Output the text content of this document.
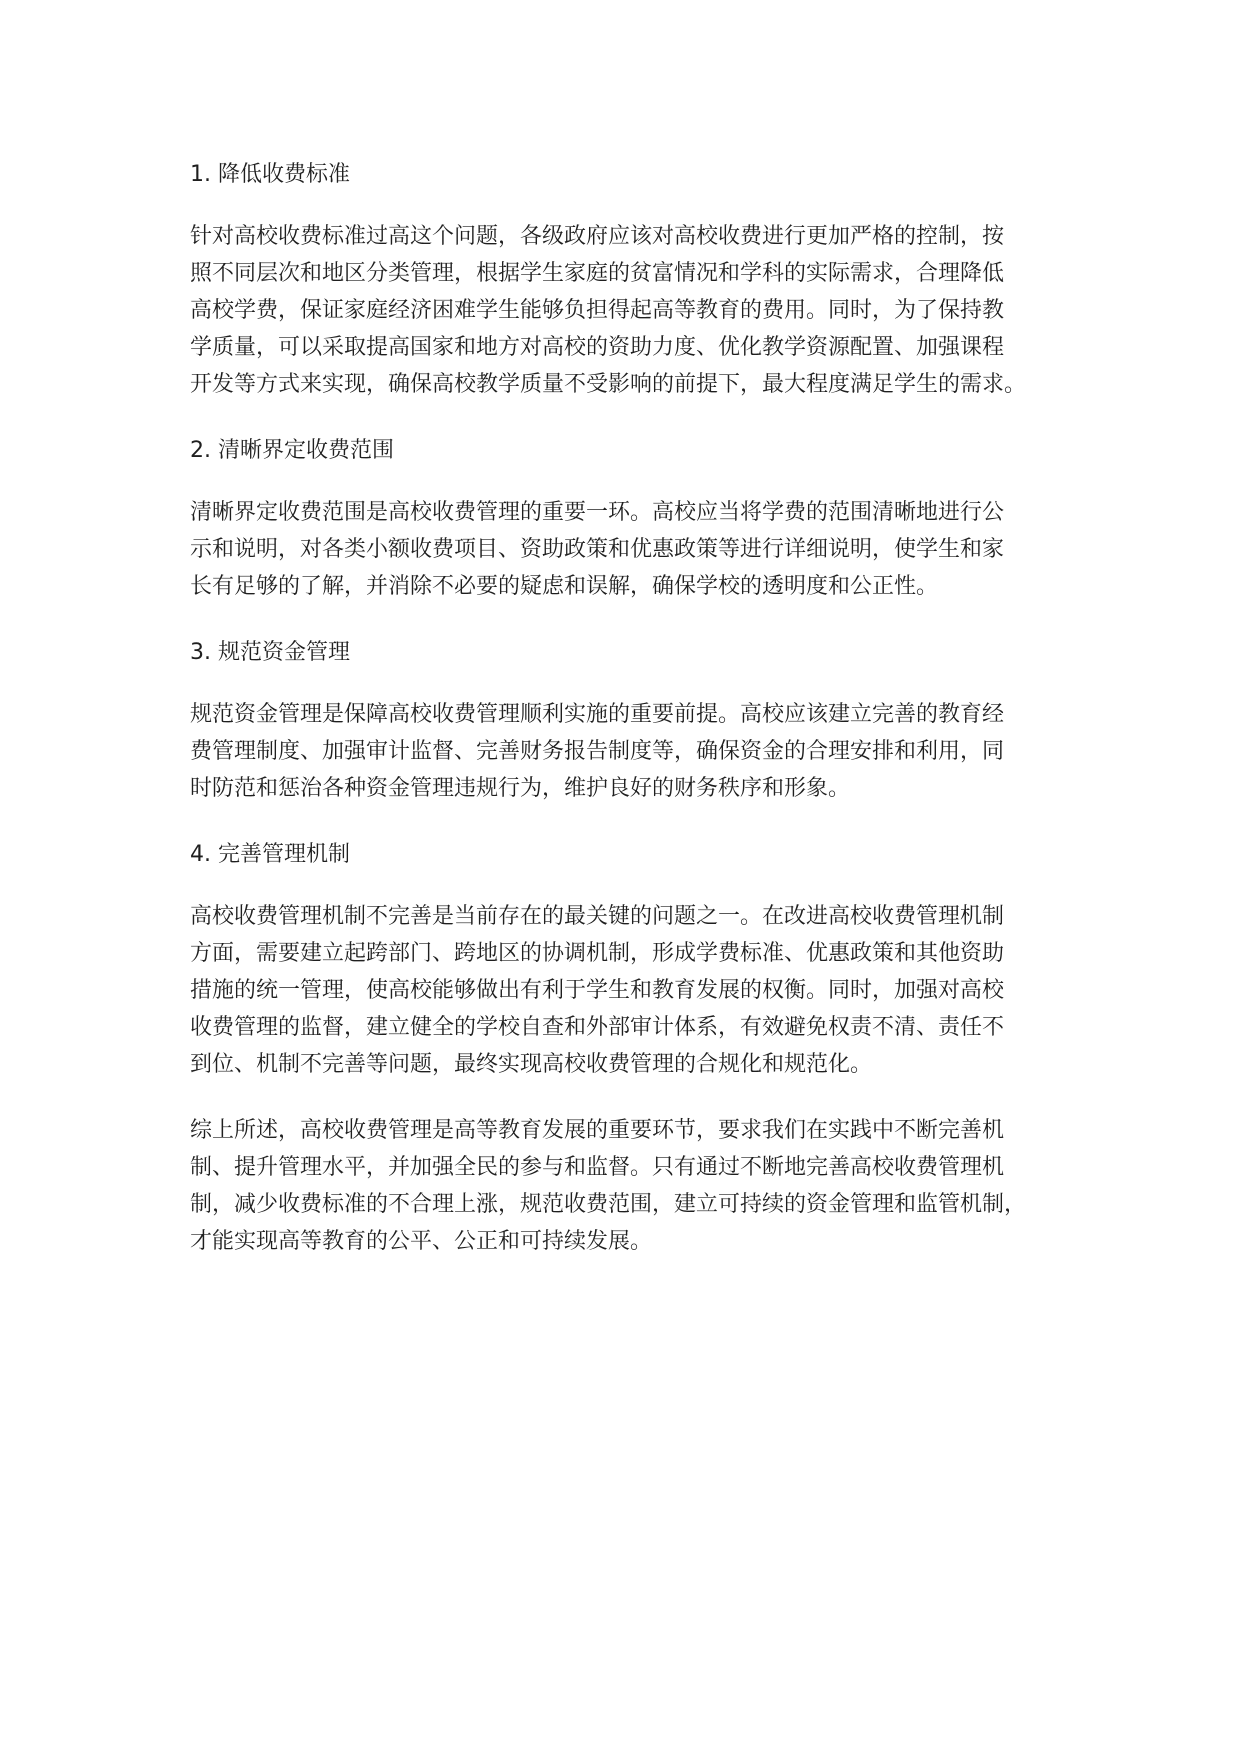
1. 降低收费标准
针对高校收费标准过高这个问题，各级政府应该对高校收费进行更加严格的控制，按
照不同层次和地区分类管理，根据学生家庭的贫富情况和学科的实际需求，合理降低
高校学费，保证家庭经济困难学生能够负担得起高等教育的费用。同时，为了保持教
学质量，可以采取提高国家和地方对高校的资助力度、优化教学资源配置、加强课程
开发等方式来实现，确保高校教学质量不受影响的前提下，最大程度满足学生的需求。
2. 清晰界定收费范围
清晰界定收费范围是高校收费管理的重要一环。高校应当将学费的范围清晰地进行公
示和说明，对各类小额收费项目、资助政策和优惠政策等进行详细说明，使学生和家
长有足够的了解，并消除不必要的疑虑和误解，确保学校的透明度和公正性。
3. 规范资金管理
规范资金管理是保障高校收费管理顺利实施的重要前提。高校应该建立完善的教育经
费管理制度、加强审计监督、完善财务报告制度等，确保资金的合理安排和利用，同
时防范和惩治各种资金管理违规行为，维护良好的财务秩序和形象。
4. 完善管理机制
高校收费管理机制不完善是当前存在的最关键的问题之一。在改进高校收费管理机制
方面，需要建立起跨部门、跨地区的协调机制，形成学费标准、优惠政策和其他资助
措施的统一管理，使高校能够做出有利于学生和教育发展的权衡。同时，加强对高校
收费管理的监督，建立健全的学校自查和外部审计体系，有效避免权责不清、责任不
到位、机制不完善等问题，最终实现高校收费管理的合规化和规范化。
综上所述，高校收费管理是高等教育发展的重要环节，要求我们在实践中不断完善机
制、提升管理水平，并加强全民的参与和监督。只有通过不断地完善高校收费管理机
制，减少收费标准的不合理上涨，规范收费范围，建立可持续的资金管理和监管机制，
才能实现高等教育的公平、公正和可持续发展。
